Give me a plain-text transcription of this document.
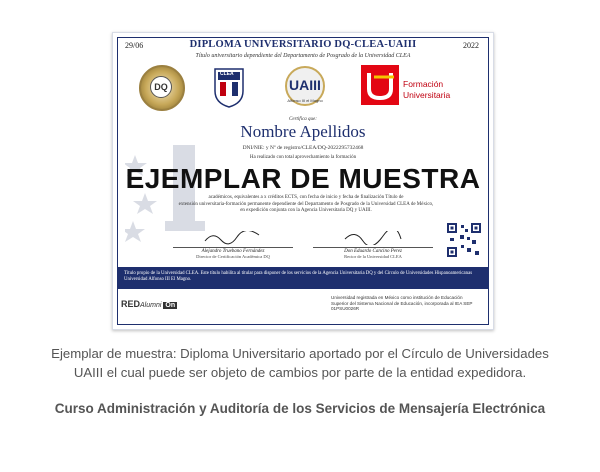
29/06	2022
DIPLOMA UNIVERSITARIO DQ-CLEA-UAIII
Título universitario dependiente del Departamento de Posgrado de la Universidad CLEA
DQ
CLEA
UAIII
Alfonso III el Magno
Formación
Universitaria
Certifica que:
Nombre Apellidos
DNI/NIE: y Nº de registro/CLEA/DQ-2022295732468
Ha realizado con total aprovechamiento la formación
académicos, equivalentes a x créditos ECTS, con fecha de inicio y fecha de finalización Título de
extensión universitaria-formación permanente dependiente del Departamento de Posgrado de la Universidad CLEA de México,
en expedición conjunta con la Agencia Universitaria DQ y UAIII.
EJEMPLAR DE MUESTRA
Alejandro Truebano Fernández
Director de Certificación Académica DQ
Don Eduardo Cancino Perez
Rector de la Universidad CLEA
Título propio de la Universidad CLEA. Este título habilita al titular para disponer de los servicios de la Agencia Universitaria DQ y del Círculo de Universidades Hispanoamericanas Universidad Alfonso III El Magno.
REDAlumni On
Universidad registrada en México como institución de Educación Superior del Sistema Nacional de Educación, incorporada al IEA SEP 01PSU0026R
Ejemplar de muestra: Diploma Universitario aportado por el Círculo de Universidades
UAIII el cual puede ser objeto de cambios por parte de la entidad expedidora.
Curso Administración y Auditoría de los Servicios de Mensajería Electrónica
